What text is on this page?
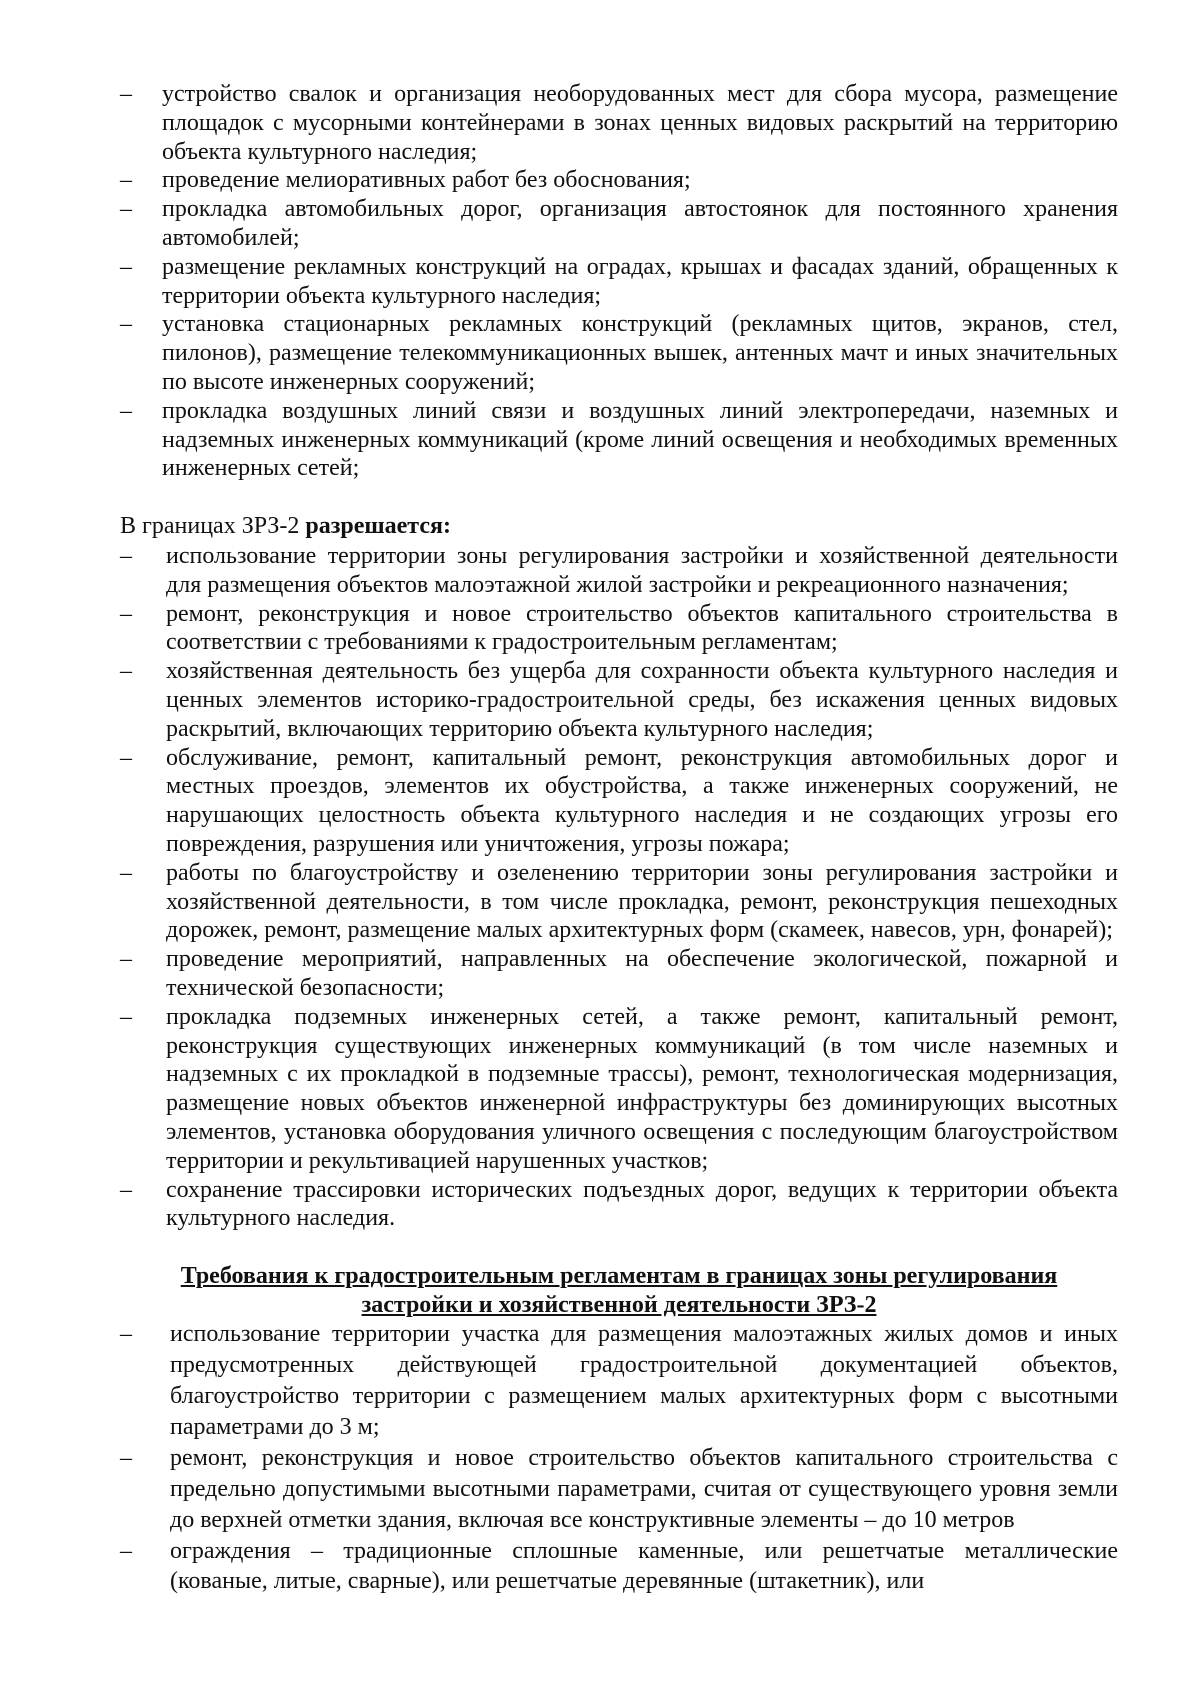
– устройство свалок и организация необорудованных мест для сбора мусора, размещение площадок с мусорными контейнерами в зонах ценных видовых раскрытий на территорию объекта культурного наследия;
– проведение мелиоративных работ без обоснования;
– прокладка автомобильных дорог, организация автостоянок для постоянного хранения автомобилей;
– размещение рекламных конструкций на оградах, крышах и фасадах зданий, обращенных к территории объекта культурного наследия;
– установка стационарных рекламных конструкций (рекламных щитов, экранов, стел, пилонов), размещение телекоммуникационных вышек, антенных мачт и иных значительных по высоте инженерных сооружений;
– прокладка воздушных линий связи и воздушных линий электропередачи, наземных и надземных инженерных коммуникаций (кроме линий освещения и необходимых временных инженерных сетей;

В границах ЗРЗ-2 разрешается:

– использование территории зоны регулирования застройки и хозяйственной деятельности для размещения объектов малоэтажной жилой застройки и рекреационного назначения;
– ремонт, реконструкция и новое строительство объектов капитального строительства в соответствии с требованиями к градостроительным регламентам;
– хозяйственная деятельность без ущерба для сохранности объекта культурного наследия и ценных элементов историко-градостроительной среды, без искажения ценных видовых раскрытий, включающих территорию объекта культурного наследия;
– обслуживание, ремонт, капитальный ремонт, реконструкция автомобильных дорог и местных проездов, элементов их обустройства, а также инженерных сооружений, не нарушающих целостность объекта культурного наследия и не создающих угрозы его повреждения, разрушения или уничтожения, угрозы пожара;
– работы по благоустройству и озеленению территории зоны регулирования застройки и хозяйственной деятельности, в том числе прокладка, ремонт, реконструкция пешеходных дорожек, ремонт, размещение малых архитектурных форм (скамеек, навесов, урн, фонарей);
– проведение мероприятий, направленных на обеспечение экологической, пожарной и технической безопасности;
– прокладка подземных инженерных сетей, а также ремонт, капитальный ремонт, реконструкция существующих инженерных коммуникаций (в том числе наземных и надземных с их прокладкой в подземные трассы), ремонт, технологическая модернизация, размещение новых объектов инженерной инфраструктуры без доминирующих высотных элементов, установка оборудования уличного освещения с последующим благоустройством территории и рекультивацией нарушенных участков;
– сохранение трассировки исторических подъездных дорог, ведущих к территории объекта культурного наследия.
Требования к градостроительным регламентам в границах зоны регулирования
застройки и хозяйственной деятельности ЗРЗ-2
– использование территории участка для размещения малоэтажных жилых домов и иных предусмотренных действующей градостроительной документацией объектов, благоустройство территории с размещением малых архитектурных форм с высотными параметрами до 3 м;
– ремонт, реконструкция и новое строительство объектов капитального строительства с предельно допустимыми высотными параметрами, считая от существующего уровня земли до верхней отметки здания, включая все конструктивные элементы – до 10 метров
– ограждения – традиционные сплошные каменные, или решетчатые металлические (кованые, литые, сварные), или решетчатые деревянные (штакетник), или
